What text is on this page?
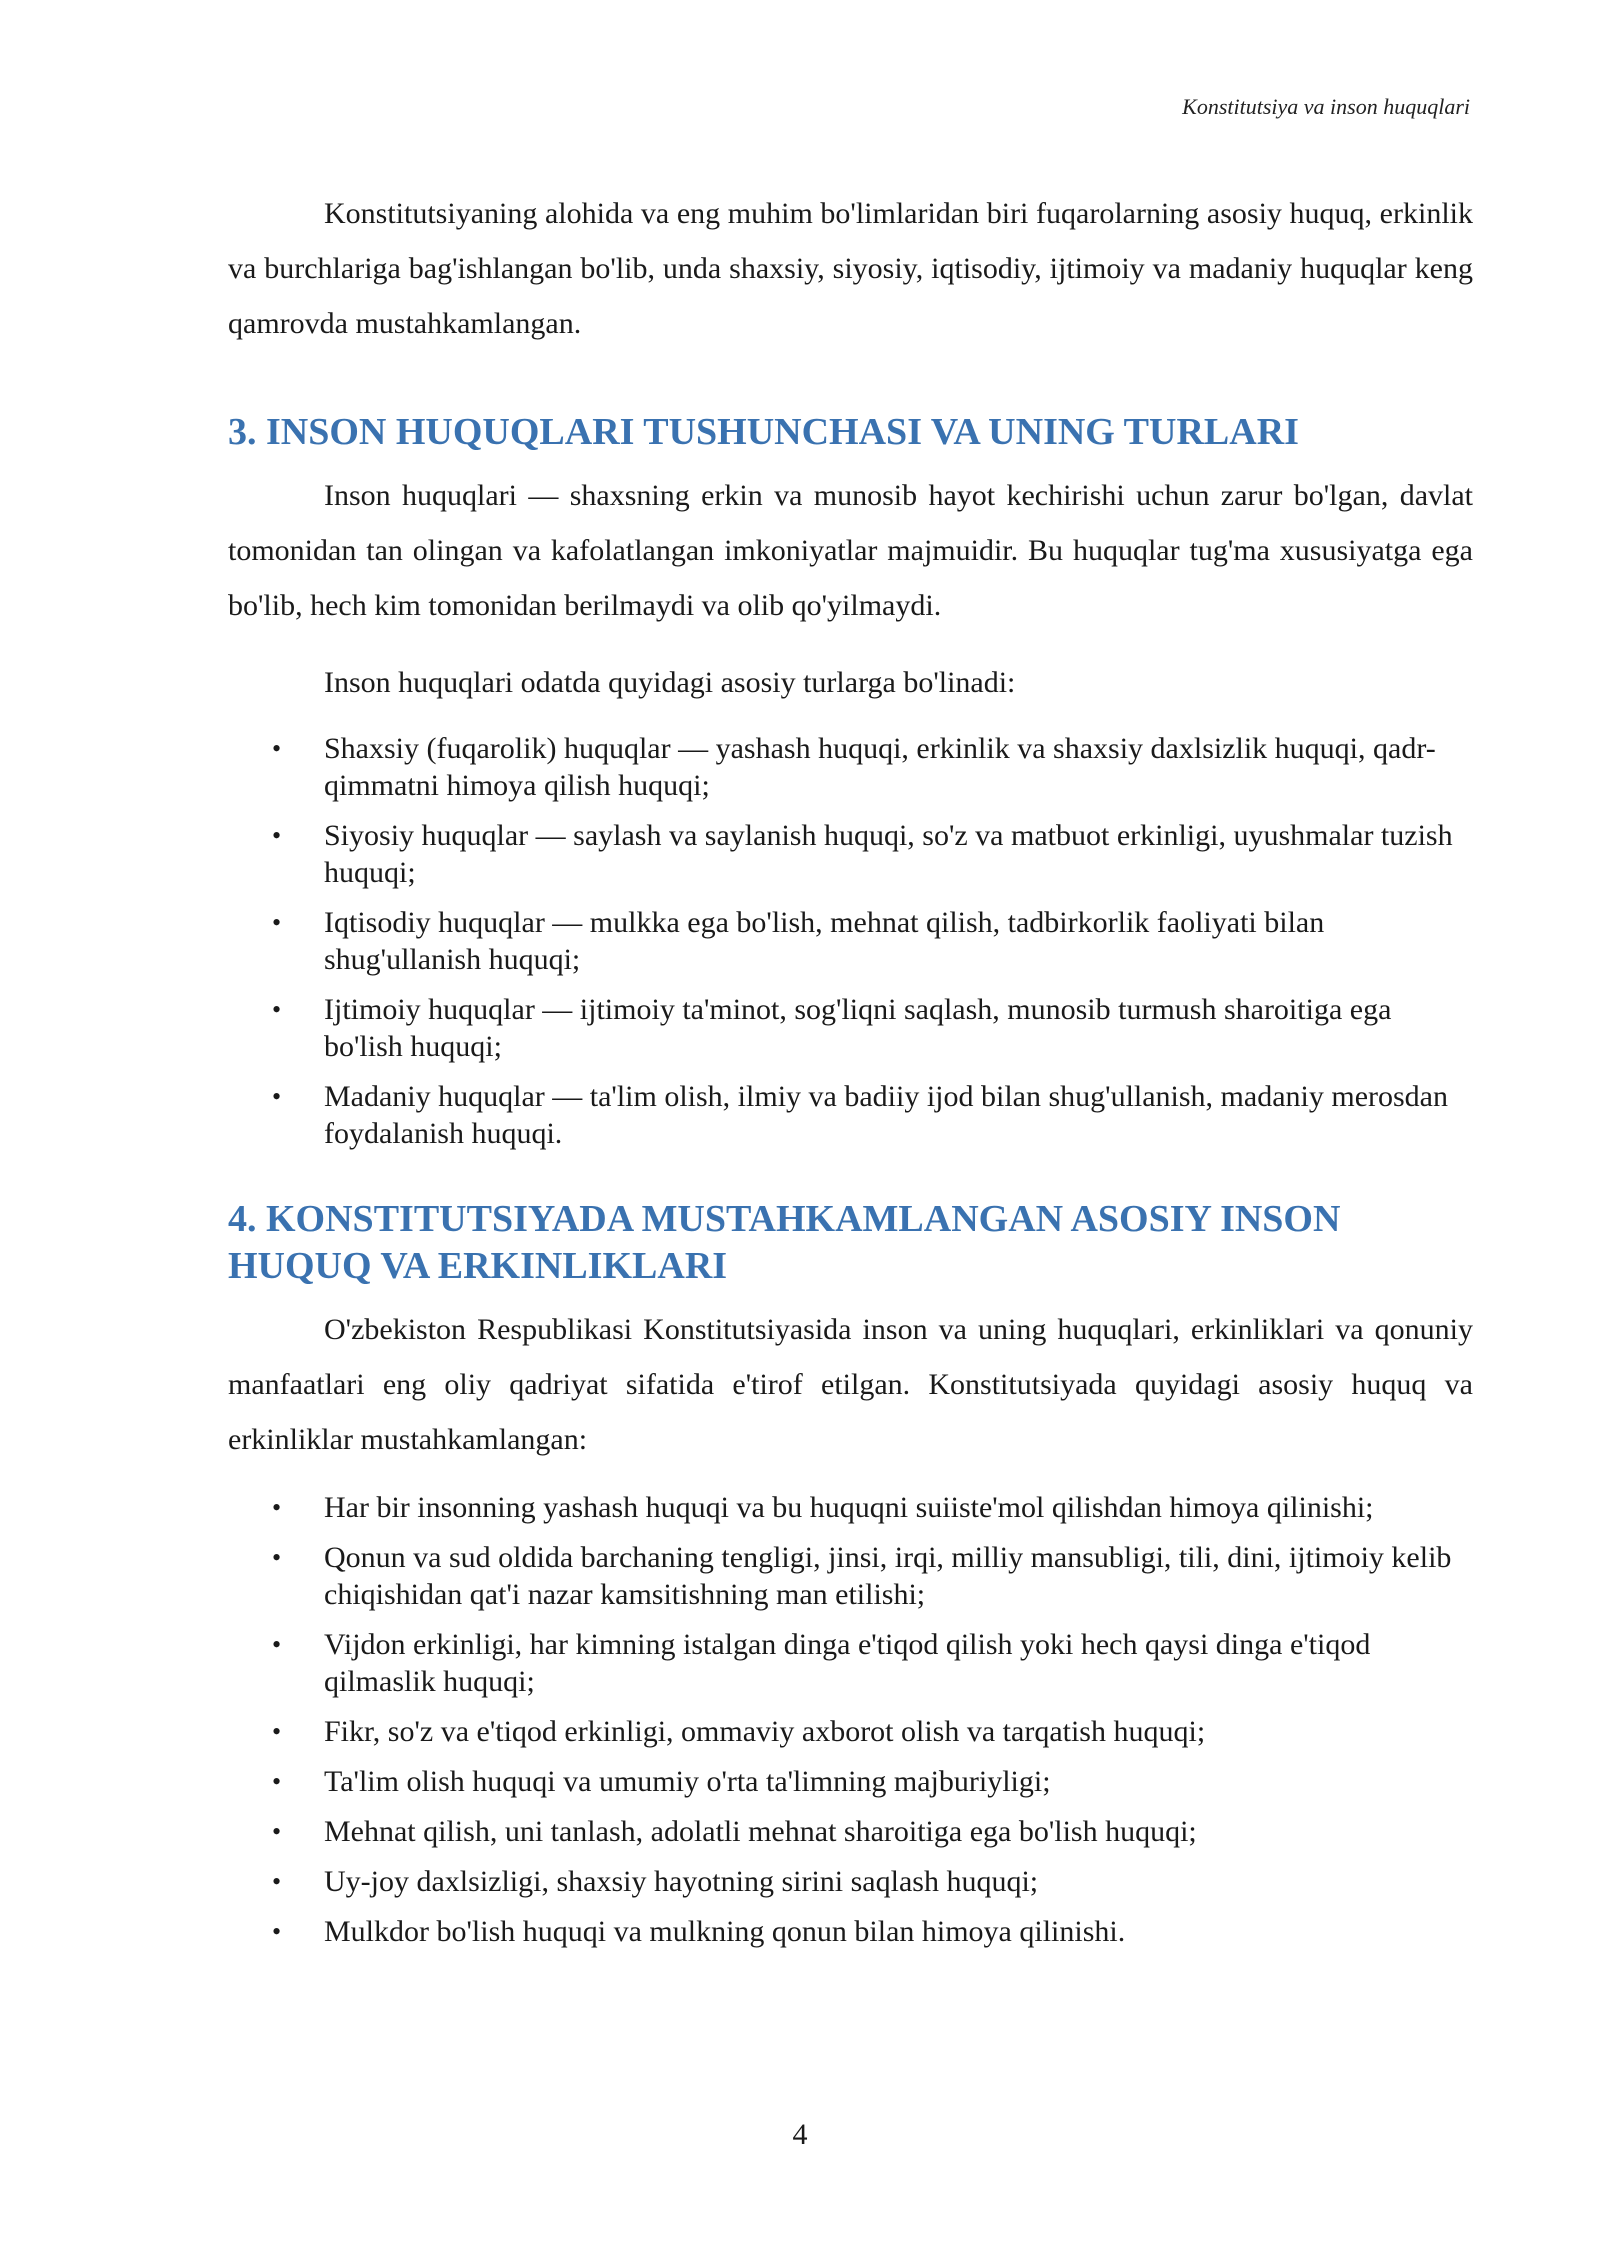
Konstitutsiya va inson huquqlari

Konstitutsiyaning alohida va eng muhim bo'limlaridan biri fuqarolarning asosiy huquq, erkinlik va burchlariga bag'ishlangan bo'lib, unda shaxsiy, siyosiy, iqtisodiy, ijtimoiy va madaniy huquqlar keng qamrovda mustahkamlangan.

3. INSON HUQUQLARI TUSHUNCHASI VA UNING TURLARI

Inson huquqlari — shaxsning erkin va munosib hayot kechirishi uchun zarur bo'lgan, davlat tomonidan tan olingan va kafolatlangan imkoniyatlar majmuidir. Bu huquqlar tug'ma xususiyatga ega bo'lib, hech kim tomonidan berilmaydi va olib qo'yilmaydi.

Inson huquqlari odatda quyidagi asosiy turlarga bo'linadi:

• Shaxsiy (fuqarolik) huquqlar — yashash huquqi, erkinlik va shaxsiy daxlsizlik huquqi, qadr-qimmatni himoya qilish huquqi;
• Siyosiy huquqlar — saylash va saylanish huquqi, so'z va matbuot erkinligi, uyushmalar tuzish huquqi;
• Iqtisodiy huquqlar — mulkka ega bo'lish, mehnat qilish, tadbirkorlik faoliyati bilan shug'ullanish huquqi;
• Ijtimoiy huquqlar — ijtimoiy ta'minot, sog'liqni saqlash, munosib turmush sharoitiga ega bo'lish huquqi;
• Madaniy huquqlar — ta'lim olish, ilmiy va badiiy ijod bilan shug'ullanish, madaniy merosdan foydalanish huquqi.
4. KONSTITUTSIYADA MUSTAHKAMLANGAN ASOSIY INSON
HUQUQ VA ERKINLIKLARI

O'zbekiston Respublikasi Konstitutsiyasida inson va uning huquqlari, erkinliklari va qonuniy manfaatlari eng oliy qadriyat sifatida e'tirof etilgan. Konstitutsiyada quyidagi asosiy huquq va erkinliklar mustahkamlangan:

• Har bir insonning yashash huquqi va bu huquqni suiiste'mol qilishdan himoya qilinishi;
• Qonun va sud oldida barchaning tengligi, jinsi, irqi, milliy mansubligi, tili, dini, ijtimoiy kelib chiqishidan qat'i nazar kamsitishning man etilishi;
• Vijdon erkinligi, har kimning istalgan dinga e'tiqod qilish yoki hech qaysi dinga e'tiqod qilmaslik huquqi;
• Fikr, so'z va e'tiqod erkinligi, ommaviy axborot olish va tarqatish huquqi;
• Ta'lim olish huquqi va umumiy o'rta ta'limning majburiyligi;
• Mehnat qilish, uni tanlash, adolatli mehnat sharoitiga ega bo'lish huquqi;
• Uy-joy daxlsizligi, shaxsiy hayotning sirini saqlash huquqi;
• Mulkdor bo'lish huquqi va mulkning qonun bilan himoya qilinishi.
4
